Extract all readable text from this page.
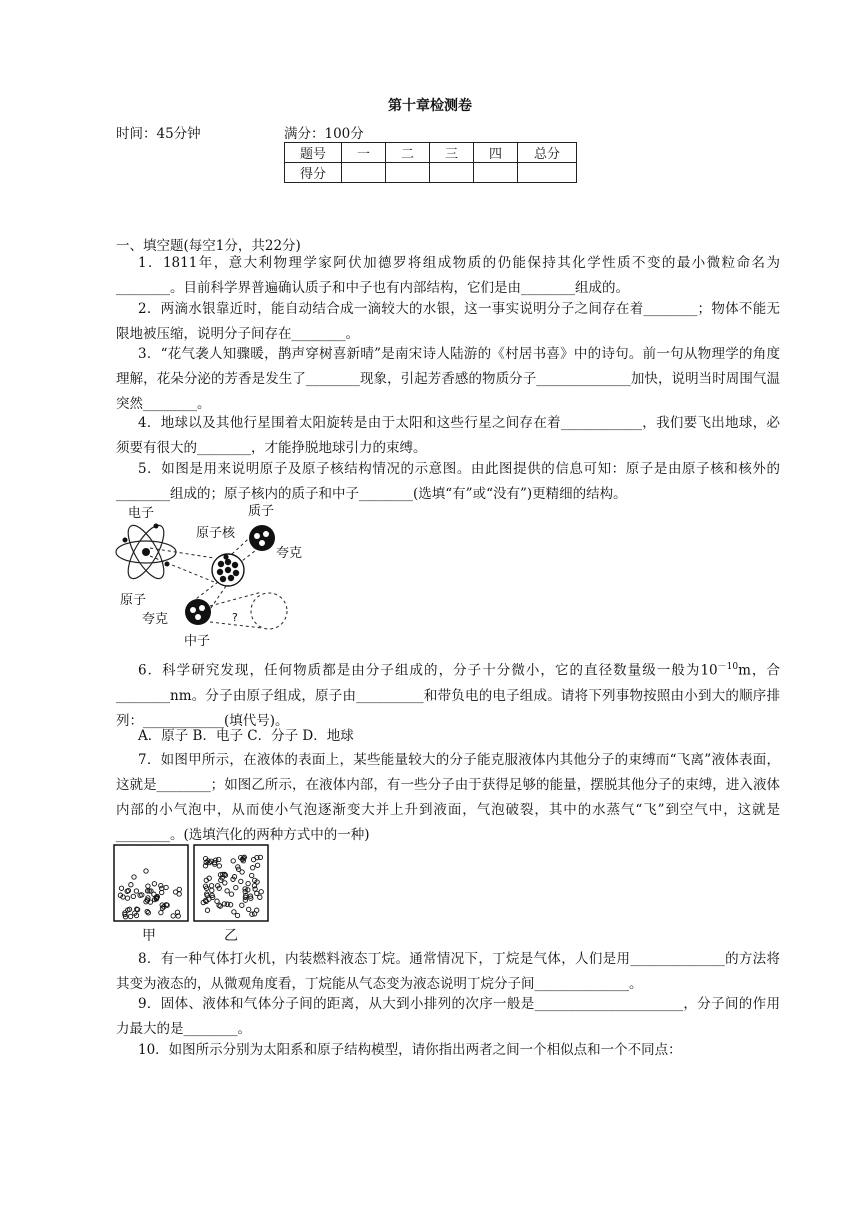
第十章检测卷
时间：45分钟	满分：100分
题号	一	二	三	四	总分
得分					
一、填空题(每空1分，共22分)
1．1811年，意大利物理学家阿伏加德罗将组成物质的仍能保持其化学性质不变的最小微粒命名为________。目前科学界普遍确认质子和中子也有内部结构，它们是由________组成的。
2．两滴水银靠近时，能自动结合成一滴较大的水银，这一事实说明分子之间存在着________；物体不能无限地被压缩，说明分子间存在________。
3．“花气袭人知骤暖，鹊声穿树喜新晴”是南宋诗人陆游的《村居书喜》中的诗句。前一句从物理学的角度理解，花朵分泌的芳香是发生了________现象，引起芳香感的物质分子______________加快，说明当时周围气温突然________。
4．地球以及其他行星围着太阳旋转是由于太阳和这些行星之间存在着____________，我们要飞出地球，必须要有很大的________，才能挣脱地球引力的束缚。
5．如图是用来说明原子及原子核结构情况的示意图。由此图提供的信息可知：原子是由原子核和核外的________组成的；原子核内的质子和中子________(选填“有”或“没有”)更精细的结构。
电子	质子
原子核
夸克
原子
夸克
中子
?
6．科学研究发现，任何物质都是由分子组成的，分子十分微小，它的直径数量级一般为$10^{-10}m$，合________nm。分子由原子组成，原子由__________和带负电的电子组成。请将下列事物按照由小到大的顺序排列：____________(填代号)。
A．原子 B．电子 C．分子 D．地球
7．如图甲所示，在液体的表面上，某些能量较大的分子能克服液体内其他分子的束缚而“飞离”液体表面，这就是________；如图乙所示，在液体内部，有一些分子由于获得足够的能量，摆脱其他分子的束缚，进入液体内部的小气泡中，从而使小气泡逐渐变大并上升到液面，气泡破裂，其中的水蒸气“飞”到空气中，这就是________。(选填汽化的两种方式中的一种)
甲	乙
8．有一种气体打火机，内装燃料液态丁烷。通常情况下，丁烷是气体，人们是用______________的方法将其变为液态的，从微观角度看，丁烷能从气态变为液态说明丁烷分子间______________。
9．固体、液体和气体分子间的距离，从大到小排列的次序一般是______________________，分子间的作用力最大的是________。
10．如图所示分别为太阳系和原子结构模型，请你指出两者之间一个相似点和一个不同点：
